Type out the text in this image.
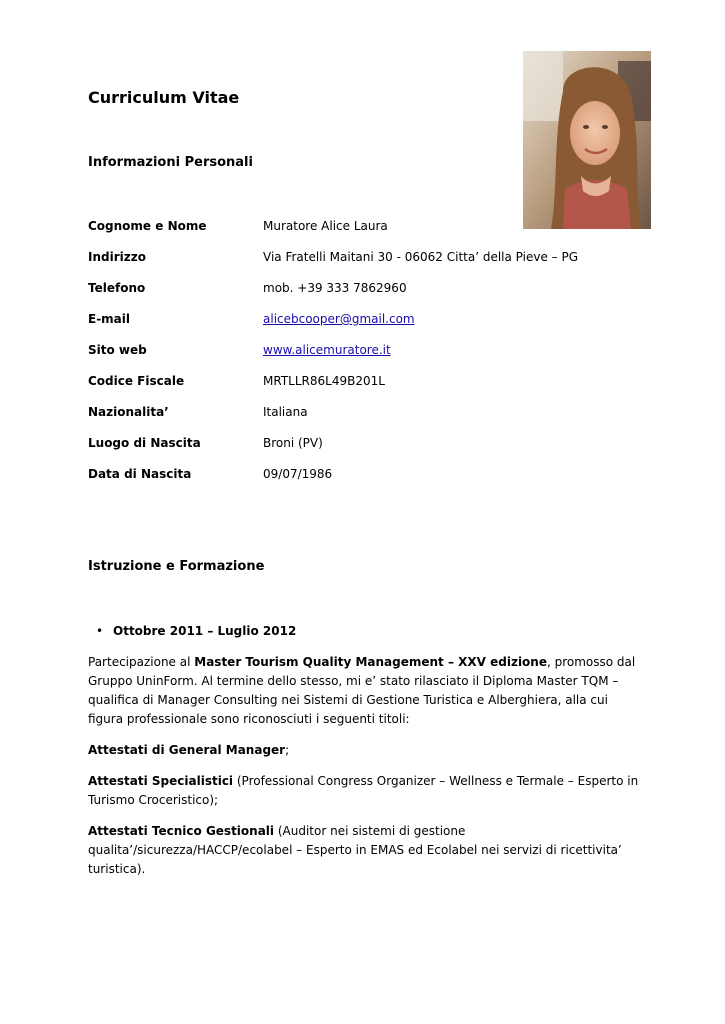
Curriculum Vitae
Informazioni Personali
Cognome e Nome	Muratore Alice Laura
Indirizzo	Via Fratelli Maitani 30 - 06062 Citta’ della Pieve – PG
Telefono	mob. +39 333 7862960
E-mail	alicebcooper@gmail.com
Sito web	www.alicemuratore.it
Codice Fiscale	MRTLLR86L49B201L
Nazionalita’	Italiana
Luogo di Nascita	Broni (PV)
Data di Nascita	09/07/1986
Istruzione e Formazione
• Ottobre 2011 – Luglio 2012

Partecipazione al Master Tourism Quality Management – XXV edizione, promosso dal Gruppo UninForm. Al termine dello stesso, mi e’ stato rilasciato il Diploma Master TQM – qualifica di Manager Consulting nei Sistemi di Gestione Turistica e Alberghiera, alla cui figura professionale sono riconosciuti i seguenti titoli:

Attestati di General Manager;

Attestati Specialistici (Professional Congress Organizer – Wellness e Termale – Esperto in Turismo Croceristico);

Attestati Tecnico Gestionali (Auditor nei sistemi di gestione qualita’/sicurezza/HACCP/ecolabel – Esperto in EMAS ed Ecolabel nei servizi di ricettivita’ turistica).
